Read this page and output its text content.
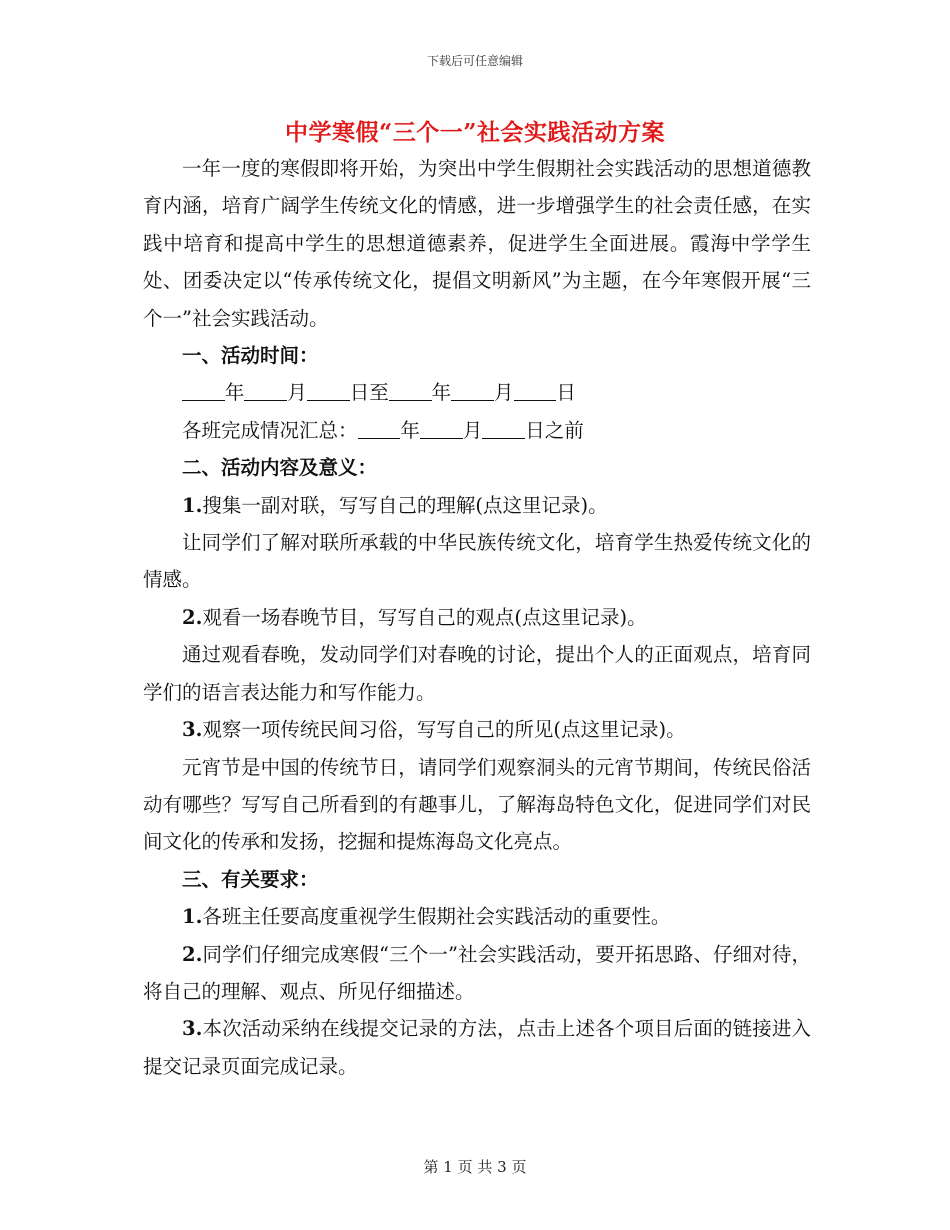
下载后可任意编辑
中学寒假“三个一”社会实践活动方案

一年一度的寒假即将开始，为突出中学生假期社会实践活动的思想道德教育内涵，培育广阔学生传统文化的情感，进一步增强学生的社会责任感，在实践中培育和提高中学生的思想道德素养，促进学生全面进展。霞海中学学生处、团委决定以“传承传统文化，提倡文明新风”为主题，在今年寒假开展“三个一”社会实践活动。

一、活动时间：

年 月 日至 年 月 日

各班完成情况汇总： 年 月 日之前

二、活动内容及意义：

1.搜集一副对联，写写自己的理解(点这里记录)。

让同学们了解对联所承载的中华民族传统文化，培育学生热爱传统文化的情感。

2.观看一场春晚节目，写写自己的观点(点这里记录)。

通过观看春晚，发动同学们对春晚的讨论，提出个人的正面观点，培育同学们的语言表达能力和写作能力。

3.观察一项传统民间习俗，写写自己的所见(点这里记录)。

元宵节是中国的传统节日，请同学们观察洞头的元宵节期间，传统民俗活动有哪些？写写自己所看到的有趣事儿，了解海岛特色文化，促进同学们对民间文化的传承和发扬，挖掘和提炼海岛文化亮点。

三、有关要求：

1.各班主任要高度重视学生假期社会实践活动的重要性。

2.同学们仔细完成寒假“三个一”社会实践活动，要开拓思路、仔细对待，将自己的理解、观点、所见仔细描述。

3.本次活动采纳在线提交记录的方法，点击上述各个项目后面的链接进入提交记录页面完成记录。

第 1 页 共 3 页
